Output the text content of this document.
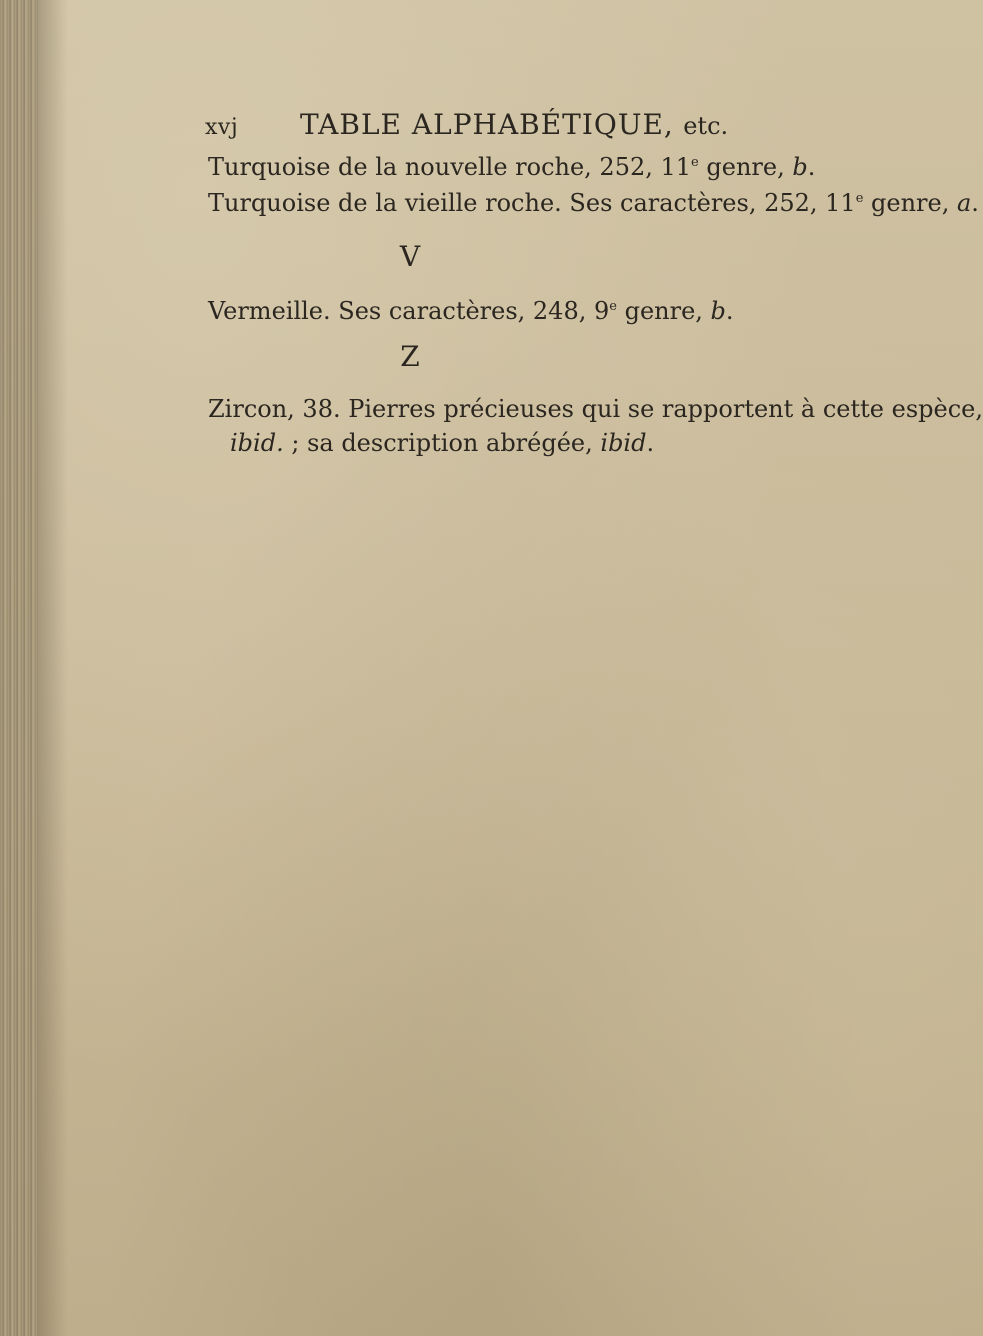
xvj TABLE ALPHABÉTIQUE, etc.
Turquoise de la nouvelle roche, 252, 11e genre, b.
Turquoise de la vieille roche. Ses caractères, 252, 11e genre, a.
V
Vermeille. Ses caractères, 248, 9e genre, b.
Z
Zircon, 38. Pierres précieuses qui se rapportent à cette espèce,
ibid. ; sa description abrégée, ibid.
